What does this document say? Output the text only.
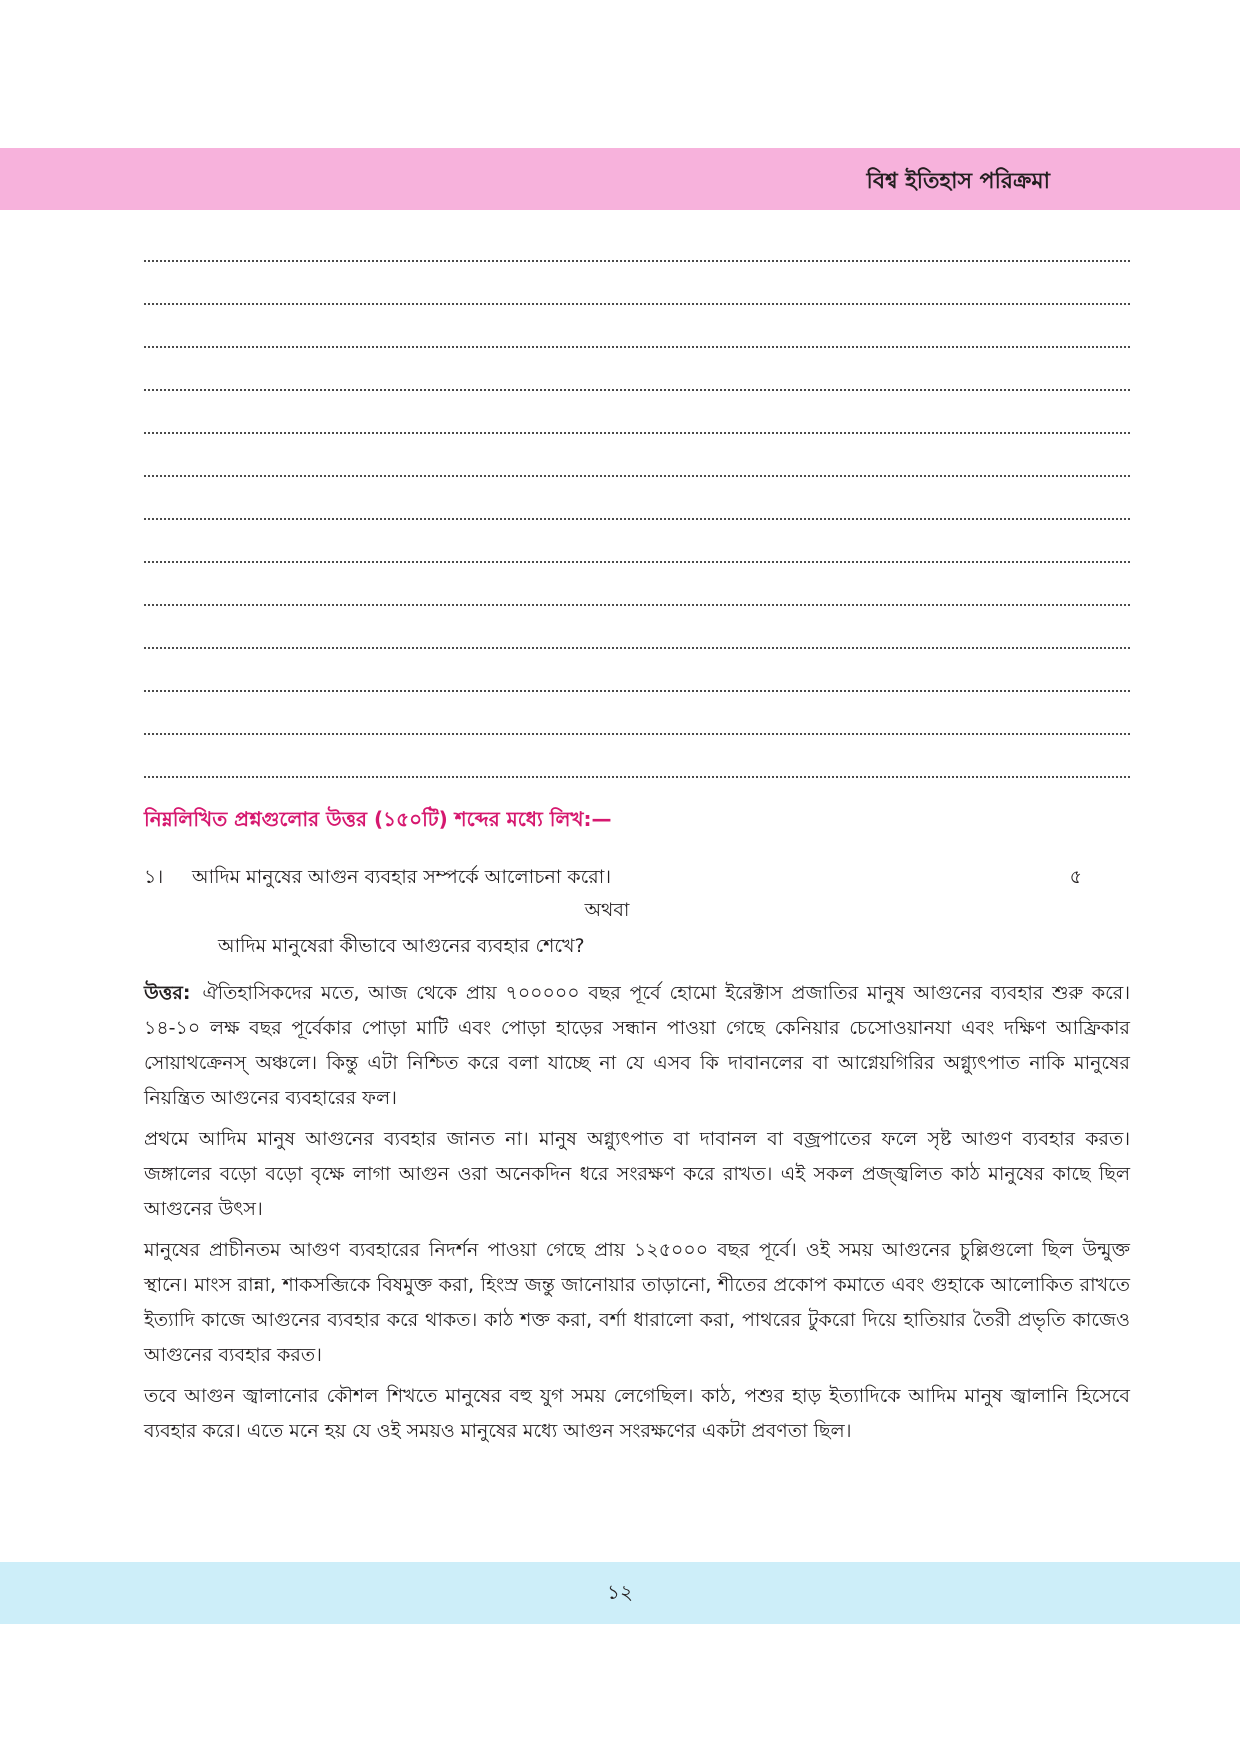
বিশ্ব ইতিহাস পরিক্রমা
নিম্নলিখিত প্রশ্নগুলোর উত্তর (১৫০টি) শব্দের মধ্যে লিখ:—
১।	আদিম মানুষের আগুন ব্যবহার সম্পর্কে আলোচনা করো।	৫
অথবা
আদিম মানুষেরা কীভাবে আগুনের ব্যবহার শেখে?

উত্তর: ঐতিহাসিকদের মতে, আজ থেকে প্রায় ৭০০০০০ বছর পূর্বে হোমো ইরেক্টাস প্রজাতির মানুষ আগুনের ব্যবহার শুরু করে। ১৪-১০ লক্ষ বছর পূর্বেকার পোড়া মাটি এবং পোড়া হাড়ের সন্ধান পাওয়া গেছে কেনিয়ার চেসোওয়ানযা এবং দক্ষিণ আফ্রিকার সোয়াথক্রেনস্ অঞ্চলে। কিন্তু এটা নিশ্চিত করে বলা যাচ্ছে না যে এসব কি দাবানলের বা আগ্নেয়গিরির অগ্ন্যুৎপাত নাকি মানুষের নিয়ন্ত্রিত আগুনের ব্যবহারের ফল।

প্রথমে আদিম মানুষ আগুনের ব্যবহার জানত না। মানুষ অগ্ন্যুৎপাত বা দাবানল বা বজ্রপাতের ফলে সৃষ্ট আগুণ ব্যবহার করত। জঙ্গালের বড়ো বড়ো বৃক্ষে লাগা আগুন ওরা অনেকদিন ধরে সংরক্ষণ করে রাখত। এই সকল প্রজ্জ্বলিত কাঠ মানুষের কাছে ছিল আগুনের উৎস।

মানুষের প্রাচীনতম আগুণ ব্যবহারের নিদর্শন পাওয়া গেছে প্রায় ১২৫০০০ বছর পূর্বে। ওই সময় আগুনের চুল্লিগুলো ছিল উন্মুক্ত স্থানে। মাংস রান্না, শাকসব্জিকে বিষমুক্ত করা, হিংস্র জন্তু জানোয়ার তাড়ানো, শীতের প্রকোপ কমাতে এবং গুহাকে আলোকিত রাখতে ইত্যাদি কাজে আগুনের ব্যবহার করে থাকত। কাঠ শক্ত করা, বর্শা ধারালো করা, পাথরের টুকরো দিয়ে হাতিয়ার তৈরী প্রভৃতি কাজেও আগুনের ব্যবহার করত।

তবে আগুন জ্বালানোর কৌশল শিখতে মানুষের বহু যুগ সময় লেগেছিল। কাঠ, পশুর হাড় ইত্যাদিকে আদিম মানুষ জ্বালানি হিসেবে ব্যবহার করে। এতে মনে হয় যে ওই সময়ও মানুষের মধ্যে আগুন সংরক্ষণের একটা প্রবণতা ছিল।

১২
